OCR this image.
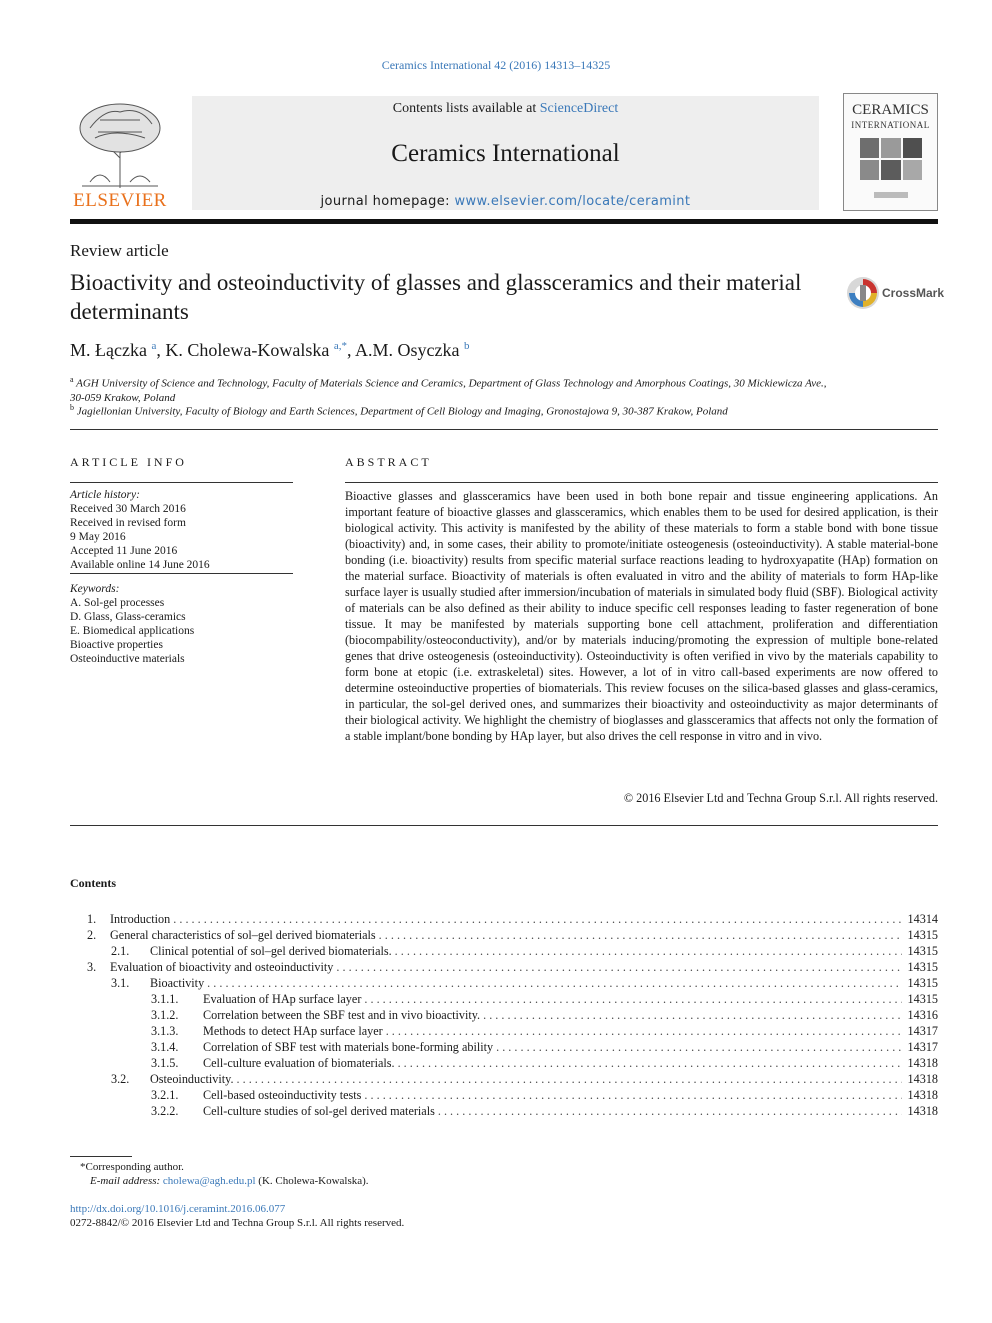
Ceramics International 42 (2016) 14313–14325
ELSEVIER
Contents lists available at ScienceDirect
Ceramics International
journal homepage: www.elsevier.com/locate/ceramint
CERAMICS
INTERNATIONAL
Review article
Bioactivity and osteoinductivity of glasses and glassceramics and their material determinants
CrossMark
M. Łączka $^a$, K. Cholewa-Kowalska $^{a,*}$, A.M. Osyczka $^b$
$^a$ AGH University of Science and Technology, Faculty of Materials Science and Ceramics, Department of Glass Technology and Amorphous Coatings, 30 Mickiewicza Ave., 30-059 Krakow, Poland
$^b$ Jagiellonian University, Faculty of Biology and Earth Sciences, Department of Cell Biology and Imaging, Gronostajowa 9, 30-387 Krakow, Poland
ARTICLE INFO
Article history:
Received 30 March 2016
Received in revised form
9 May 2016
Accepted 11 June 2016
Available online 14 June 2016
Keywords:
A. Sol-gel processes
D. Glass, Glass-ceramics
E. Biomedical applications
Bioactive properties
Osteoinductive materials
ABSTRACT
Bioactive glasses and glassceramics have been used in both bone repair and tissue engineering applications. An important feature of bioactive glasses and glassceramics, which enables them to be used for desired application, is their biological activity. This activity is manifested by the ability of these materials to form a stable bond with bone tissue (bioactivity) and, in some cases, their ability to promote/initiate osteogenesis (osteoinductivity). A stable material-bone bonding (i.e. bioactivity) results from specific material surface reactions leading to hydroxyapatite (HAp) formation on the material surface. Bioactivity of materials is often evaluated in vitro and the ability of materials to form HAp-like surface layer is usually studied after immersion/incubation of materials in simulated body fluid (SBF). Biological activity of materials can be also defined as their ability to induce specific cell responses leading to faster regeneration of bone tissue. It may be manifested by materials supporting bone cell attachment, proliferation and differentiation (biocompability/osteoconductivity), and/or by materials inducing/promoting the expression of multiple bone-related genes that drive osteogenesis (osteoinductivity). Osteoinductivity is often verified in vivo by the materials capability to form bone at etopic (i.e. extraskeletal) sites. However, a lot of in vitro call-based experiments are now offered to determine osteoinductive properties of biomaterials. This review focuses on the silica-based glasses and glass-ceramics, in particular, the sol-gel derived ones, and summarizes their bioactivity and osteoinductivity as major determinants of their biological activity. We highlight the chemistry of bioglasses and glassceramics that affects not only the formation of a stable implant/bone bonding by HAp layer, but also drives the cell response in vitro and in vivo.
© 2016 Elsevier Ltd and Techna Group S.r.l. All rights reserved.
Contents
1. Introduction . . .	14314
2. General characteristics of sol–gel derived biomaterials . . .	14315
2.1. Clinical potential of sol–gel derived biomaterials. . . .	14315
3. Evaluation of bioactivity and osteoinductivity . . .	14315
3.1. Bioactivity . . .	14315
3.1.1. Evaluation of HAp surface layer . . .	14315
3.1.2. Correlation between the SBF test and in vivo bioactivity. . . .	14316
3.1.3. Methods to detect HAp surface layer . . .	14317
3.1.4. Correlation of SBF test with materials bone-forming ability . . .	14317
3.1.5. Cell-culture evaluation of biomaterials. . . .	14318
3.2. Osteoinductivity. . . .	14318
3.2.1. Cell-based osteoinductivity tests . . .	14318
3.2.2. Cell-culture studies of sol-gel derived materials . . .	14318
*Corresponding author.
E-mail address: cholewa@agh.edu.pl (K. Cholewa-Kowalska).
http://dx.doi.org/10.1016/j.ceramint.2016.06.077
0272-8842/© 2016 Elsevier Ltd and Techna Group S.r.l. All rights reserved.
